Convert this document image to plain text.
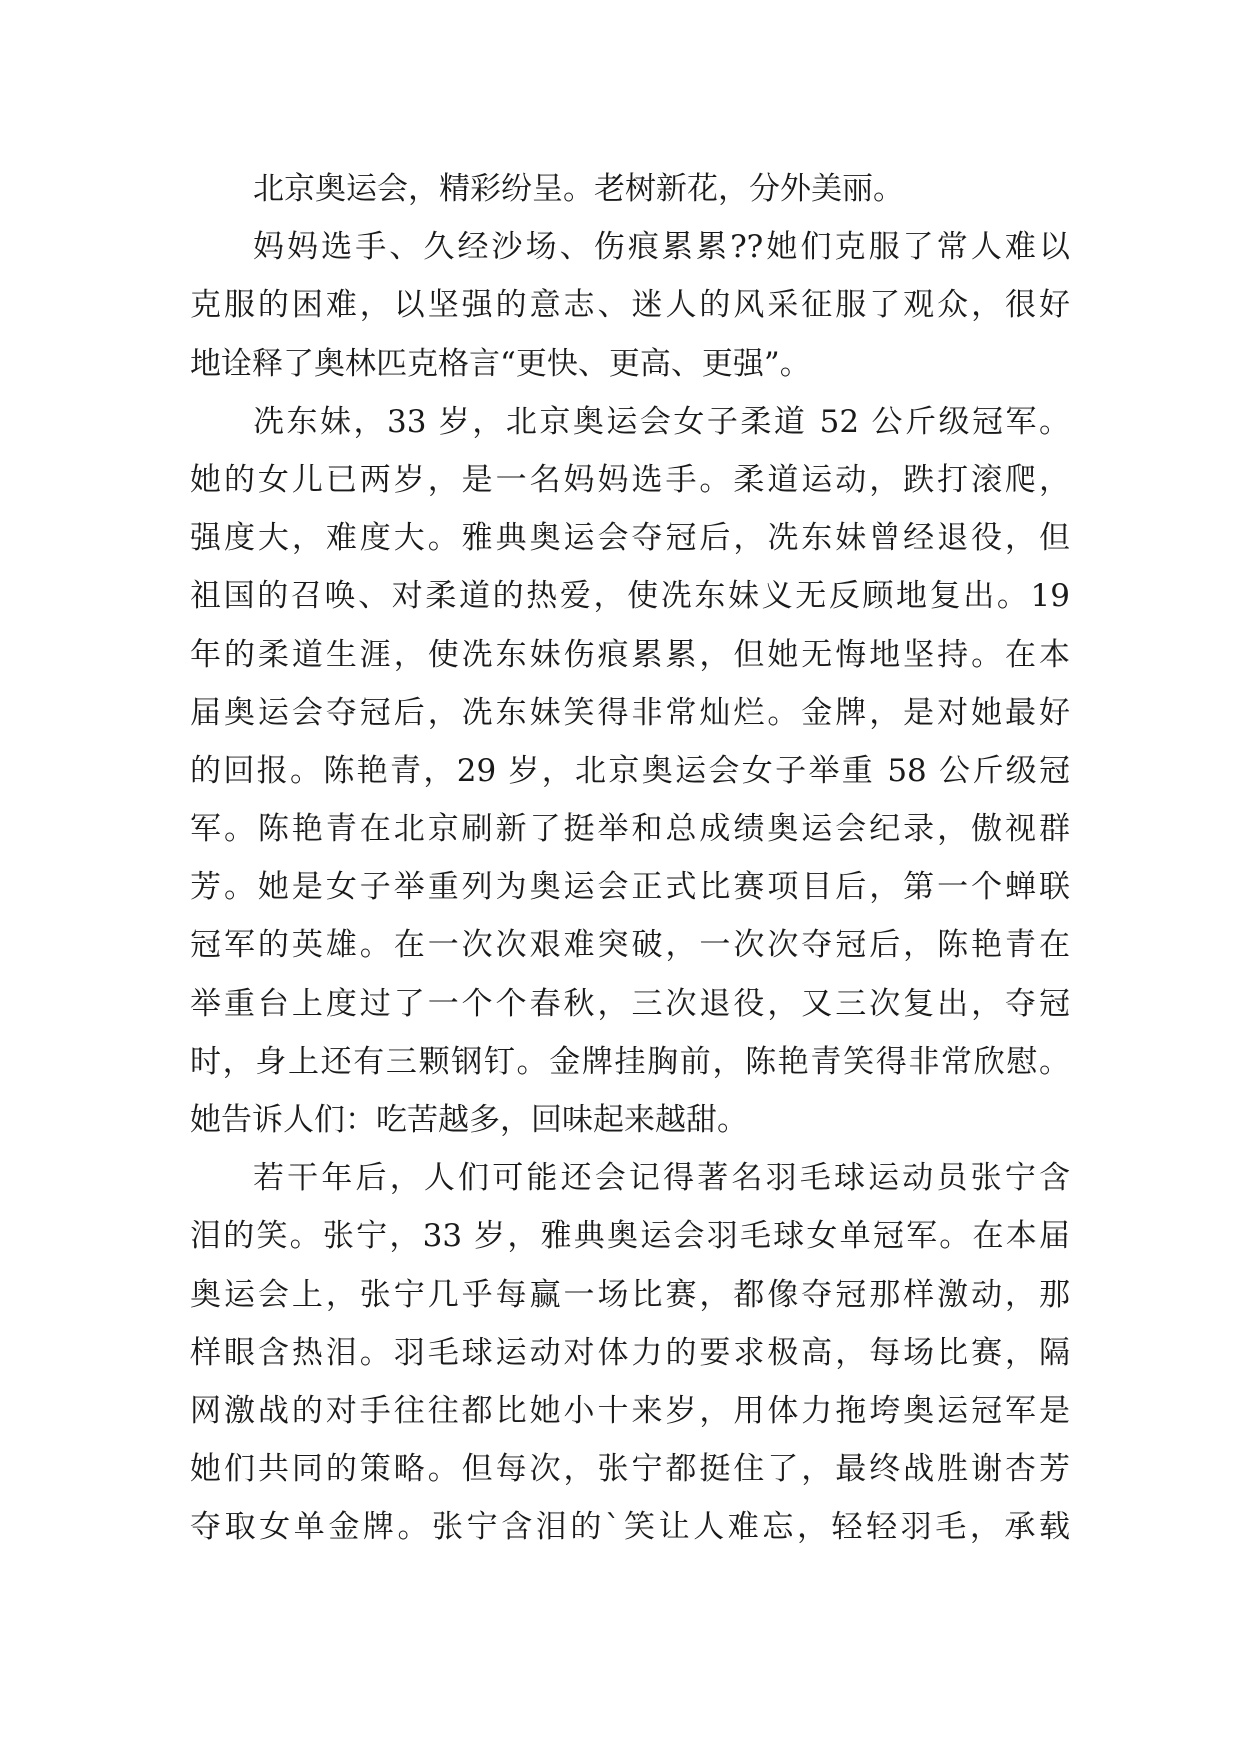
北京奥运会，精彩纷呈。老树新花，分外美丽。
妈妈选手、久经沙场、伤痕累累??她们克服了常人难以
克服的困难，以坚强的意志、迷人的风采征服了观众，很好
地诠释了奥林匹克格言“更快、更高、更强”。
冼东妹，33 岁，北京奥运会女子柔道 52 公斤级冠军。
她的女儿已两岁，是一名妈妈选手。柔道运动，跌打滚爬，
强度大，难度大。雅典奥运会夺冠后，冼东妹曾经退役，但
祖国的召唤、对柔道的热爱，使冼东妹义无反顾地复出。19
年的柔道生涯，使冼东妹伤痕累累，但她无悔地坚持。在本
届奥运会夺冠后，冼东妹笑得非常灿烂。金牌，是对她最好
的回报。陈艳青，29 岁，北京奥运会女子举重 58 公斤级冠
军。陈艳青在北京刷新了挺举和总成绩奥运会纪录，傲视群
芳。她是女子举重列为奥运会正式比赛项目后，第一个蝉联
冠军的英雄。在一次次艰难突破，一次次夺冠后，陈艳青在
举重台上度过了一个个春秋，三次退役，又三次复出，夺冠
时，身上还有三颗钢钉。金牌挂胸前，陈艳青笑得非常欣慰。
她告诉人们：吃苦越多，回味起来越甜。
若干年后，人们可能还会记得著名羽毛球运动员张宁含
泪的笑。张宁，33 岁，雅典奥运会羽毛球女单冠军。在本届
奥运会上，张宁几乎每赢一场比赛，都像夺冠那样激动，那
样眼含热泪。羽毛球运动对体力的要求极高，每场比赛，隔
网激战的对手往往都比她小十来岁，用体力拖垮奥运冠军是
她们共同的策略。但每次，张宁都挺住了，最终战胜谢杏芳
夺取女单金牌。张宁含泪的`笑让人难忘，轻轻羽毛，承载
